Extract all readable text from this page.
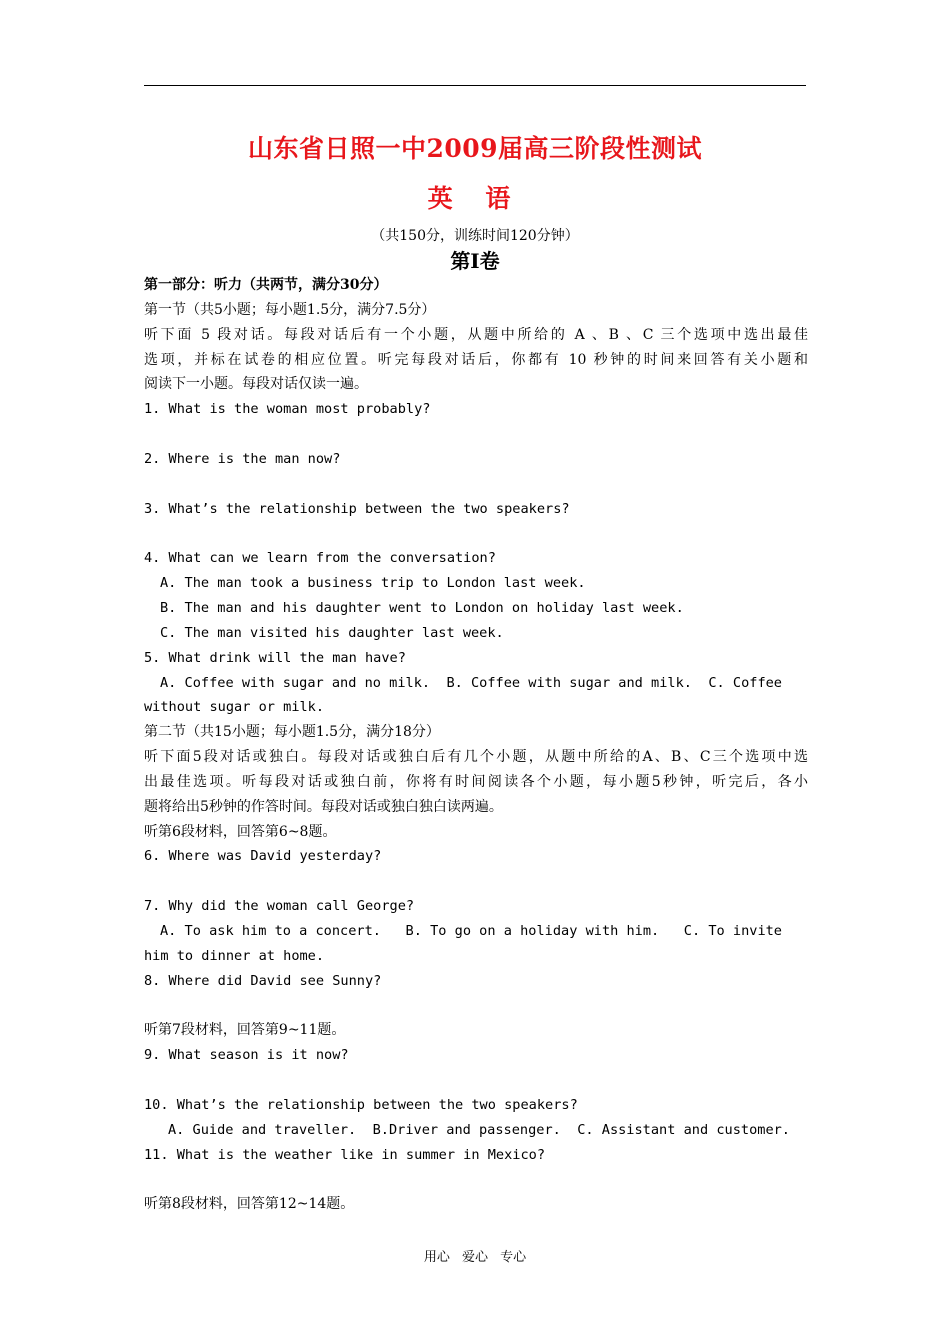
山东省日照一中2009届高三阶段性测试
英 语
（共150分，训练时间120分钟）
第Ⅰ卷
第一部分：听力（共两节，满分30分）
第一节（共5小题；每小题1.5分，满分7.5分）
听下面 5 段对话。每段对话后有一个小题，从题中所给的 A 、B 、C 三个选项中选出最佳
选项，并标在试卷的相应位置。听完每段对话后，你都有 10 秒钟的时间来回答有关小题和
阅读下一小题。每段对话仅读一遍。
1. What is the woman most probably?

2. Where is the man now?

3. What’s the relationship between the two speakers?

4. What can we learn from the conversation?
A. The man took a business trip to London last week.
B. The man and his daughter went to London on holiday last week.
C. The man visited his daughter last week.
5. What drink will the man have?
A. Coffee with sugar and no milk.  B. Coffee with sugar and milk.  C. Coffee
without sugar or milk.
第二节（共15小题；每小题1.5分，满分18分）
听下面5段对话或独白。每段对话或独白后有几个小题，从题中所给的A、B、C三个选项中选
出最佳选项。听每段对话或独白前，你将有时间阅读各个小题，每小题5秒钟，听完后，各小
题将给出5秒钟的作答时间。每段对话或独白独白读两遍。
听第6段材料，回答第6~8题。
6. Where was David yesterday?

7. Why did the woman call George?
A. To ask him to a concert.   B. To go on a holiday with him.   C. To invite
him to dinner at home.
8. Where did David see Sunny?

听第7段材料，回答第9~11题。
9. What season is it now?

10. What’s the relationship between the two speakers?
A. Guide and traveller.  B.Driver and passenger.  C. Assistant and customer.
11. What is the weather like in summer in Mexico?

听第8段材料，回答第12~14题。
用心 爱心 专心
